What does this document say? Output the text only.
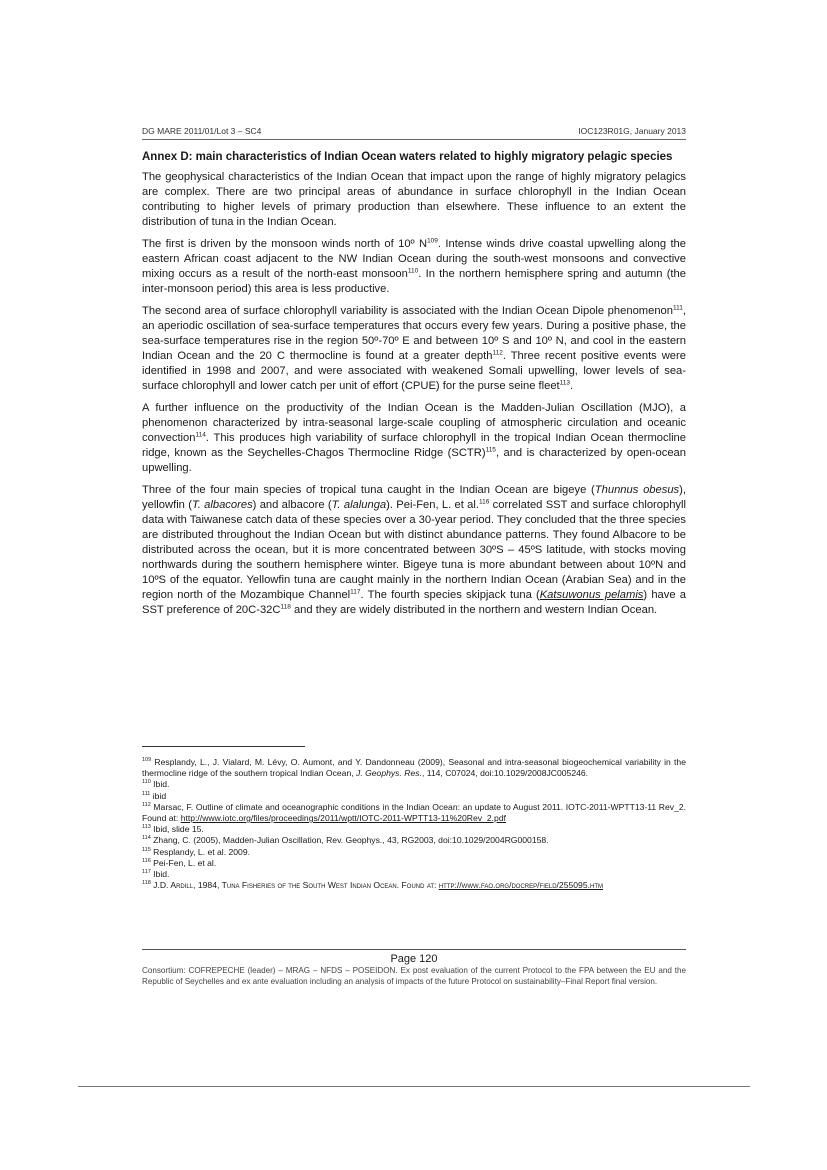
DG MARE 2011/01/Lot 3 – SC4	IOC123R01G, January 2013

Annex D: main characteristics of Indian Ocean waters related to highly migratory pelagic species

The geophysical characteristics of the Indian Ocean that impact upon the range of highly migratory pelagics are complex. There are two principal areas of abundance in surface chlorophyll in the Indian Ocean contributing to higher levels of primary production than elsewhere. These influence to an extent the distribution of tuna in the Indian Ocean.

The first is driven by the monsoon winds north of 10º $N^{109}$. Intense winds drive coastal upwelling along the eastern African coast adjacent to the NW Indian Ocean during the south-west monsoons and convective mixing occurs as a result of the north-east monsoon$^{110}$. In the northern hemisphere spring and autumn (the inter-monsoon period) this area is less productive.

The second area of surface chlorophyll variability is associated with the Indian Ocean Dipole phenomenon$^{111}$, an aperiodic oscillation of sea-surface temperatures that occurs every few years. During a positive phase, the sea-surface temperatures rise in the region 50º-70º E and between 10º S and 10º N, and cool in the eastern Indian Ocean and the 20 C thermocline is found at a greater depth$^{112}$. Three recent positive events were identified in 1998 and 2007, and were associated with weakened Somali upwelling, lower levels of sea-surface chlorophyll and lower catch per unit of effort (CPUE) for the purse seine fleet$^{113}$.

A further influence on the productivity of the Indian Ocean is the Madden-Julian Oscillation (MJO), a phenomenon characterized by intra-seasonal large-scale coupling of atmospheric circulation and oceanic convection$^{114}$. This produces high variability of surface chlorophyll in the tropical Indian Ocean thermocline ridge, known as the Seychelles-Chagos Thermocline Ridge (SCTR)$^{115}$, and is characterized by open-ocean upwelling.

Three of the four main species of tropical tuna caught in the Indian Ocean are bigeye (Thunnus obesus), yellowfin (T. albacores) and albacore (T. alalunga). Pei-Fen, L. et al.$^{116}$ correlated SST and surface chlorophyll data with Taiwanese catch data of these species over a 30-year period. They concluded that the three species are distributed throughout the Indian Ocean but with distinct abundance patterns. They found Albacore to be distributed across the ocean, but it is more concentrated between 30ºS – 45ºS latitude, with stocks moving northwards during the southern hemisphere winter. Bigeye tuna is more abundant between about 10ºN and 10ºS of the equator. Yellowfin tuna are caught mainly in the northern Indian Ocean (Arabian Sea) and in the region north of the Mozambique Channel$^{117}$. The fourth species skipjack tuna (Katsuwonus pelamis) have a SST preference of $20C-32C^{118}$ and they are widely distributed in the northern and western Indian Ocean.

$^{109}$ Resplandy, L., J. Vialard, M. Lévy, O. Aumont, and Y. Dandonneau (2009), Seasonal and intra-seasonal biogeochemical variability in the thermocline ridge of the southern tropical Indian Ocean, J. Geophys. Res., 114, C07024, doi:10.1029/2008JC005246.

$^{110}$ Ibid.

$^{111}$ ibid

$^{112}$ Marsac, F. Outline of climate and oceanographic conditions in the Indian Ocean: an update to August 2011. IOTC-2011-WPTT13-11 Rev_2. Found at: http://www.iotc.org/files/proceedings/2011/wptt/IOTC-2011-WPTT13-11%20Rev_2.pdf

$^{113}$ Ibid, slide 15.

$^{114}$ Zhang, C. (2005), Madden-Julian Oscillation, Rev. Geophys., 43, RG2003, doi:10.1029/2004RG000158.

$^{115}$ Resplandy, L. et al. 2009.

$^{116}$ Pei-Fen, L. et al.

$^{117}$ Ibid.

$^{118}$ J.D. Ardill, 1984, Tuna Fisheries of the South West Indian Ocean. Found at: http://www.fao.org/docrep/field/255095.htm

Page 120
Consortium: COFREPECHE (leader) – MRAG – NFDS – POSEIDON. Ex post evaluation of the current Protocol to the FPA between the EU and the Republic of Seychelles and ex ante evaluation including an analysis of impacts of the future Protocol on sustainability–Final Report final version.
